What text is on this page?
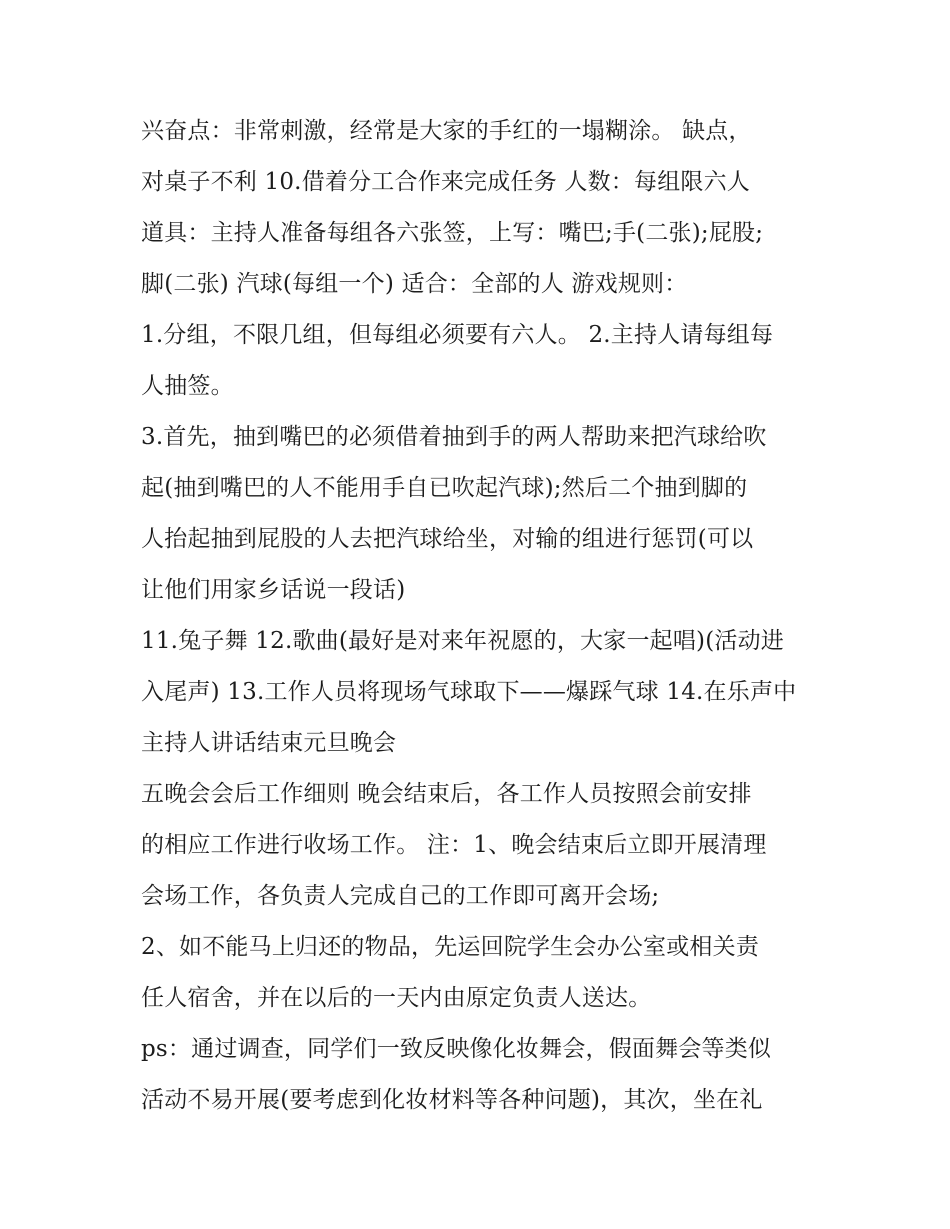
兴奋点：非常刺激，经常是大家的手红的一塌糊涂。 缺点，
对桌子不利 10.借着分工合作来完成任务 人数：每组限六人
道具：主持人准备每组各六张签，上写：嘴巴;手(二张);屁股;
脚(二张) 汽球(每组一个) 适合：全部的人 游戏规则：
1.分组，不限几组，但每组必须要有六人。 2.主持人请每组每
人抽签。
3.首先，抽到嘴巴的必须借着抽到手的两人帮助来把汽球给吹
起(抽到嘴巴的人不能用手自已吹起汽球);然后二个抽到脚的
人抬起抽到屁股的人去把汽球给坐，对输的组进行惩罚(可以
让他们用家乡话说一段话)
11.兔子舞 12.歌曲(最好是对来年祝愿的，大家一起唱)(活动进
入尾声) 13.工作人员将现场气球取下——爆踩气球 14.在乐声中
主持人讲话结束元旦晚会
五晚会会后工作细则 晚会结束后，各工作人员按照会前安排
的相应工作进行收场工作。 注：1、晚会结束后立即开展清理
会场工作，各负责人完成自己的工作即可离开会场;
2、如不能马上归还的物品，先运回院学生会办公室或相关责
任人宿舍，并在以后的一天内由原定负责人送达。
ps：通过调查，同学们一致反映像化妆舞会，假面舞会等类似
活动不易开展(要考虑到化妆材料等各种问题)，其次，坐在礼
